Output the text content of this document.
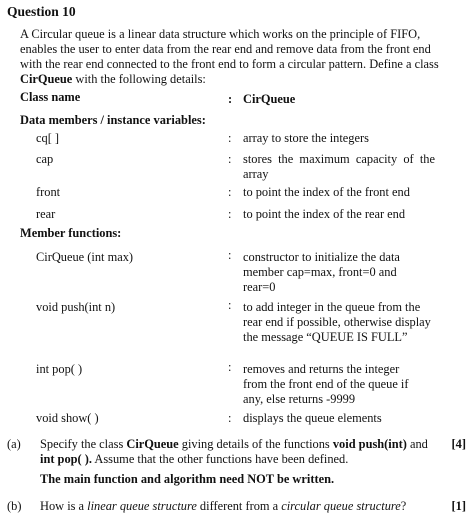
Question 10
A Circular queue is a linear data structure which works on the principle of FIFO,
enables the user to enter data from the rear end and remove data from the front end
with the rear end connected to the front end to form a circular pattern. Define a class
CirQueue with the following details:
Class name	: CirQueue
Data members / instance variables:
cq[ ]	: array to store the integers
cap	: stores the maximum capacity of the array
front	: to point the index of the front end
rear	: to point the index of the rear end
Member functions:
CirQueue (int max)	: constructor to initialize the data member cap=max, front=0 and rear=0
void push(int n)	: to add integer in the queue from the rear end if possible, otherwise display the message “QUEUE IS FULL”
int pop( )	: removes and returns the integer from the front end of the queue if any, else returns -9999
void show( )	: displays the queue elements
(a) Specify the class CirQueue giving details of the functions void push(int) and
int pop( ). Assume that the other functions have been defined.
[4]
The main function and algorithm need NOT be written.
(b) How is a linear queue structure different from a circular queue structure?	[1]
